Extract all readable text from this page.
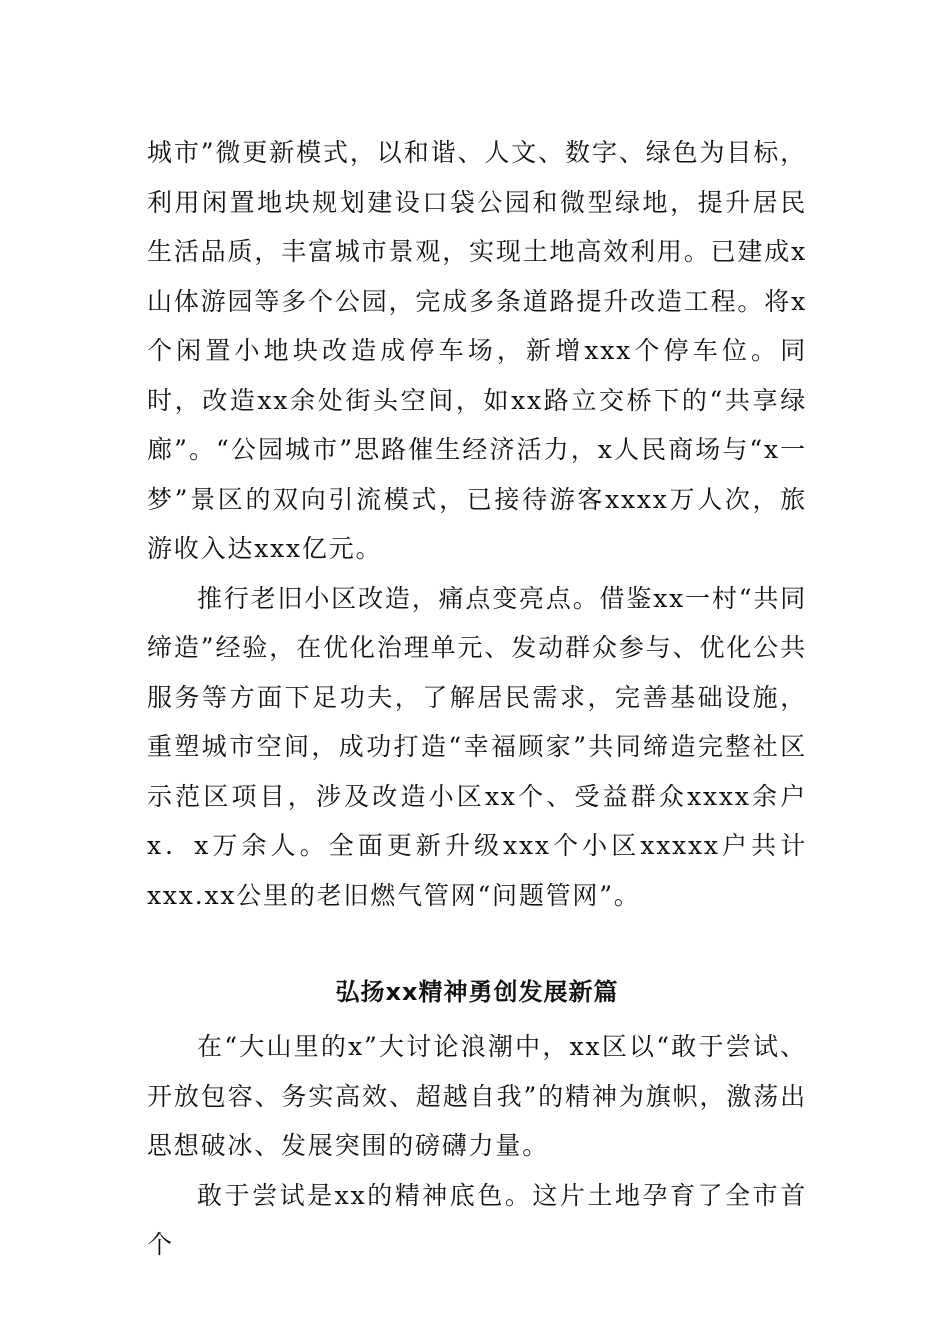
城市”微更新模式，以和谐、人文、数字、绿色为目标，利用闲置地块规划建设口袋公园和微型绿地，提升居民生活品质，丰富城市景观，实现土地高效利用。已建成x山体游园等多个公园，完成多条道路提升改造工程。将x个闲置小地块改造成停车场，新增xxx个停车位。同时，改造xx余处街头空间，如xx路立交桥下的“共享绿廊”。“公园城市”思路催生经济活力，x人民商场与“x一梦”景区的双向引流模式，已接待游客xxxx万人次，旅游收入达xxx亿元。

推行老旧小区改造，痛点变亮点。借鉴xx一村“共同缔造”经验，在优化治理单元、发动群众参与、优化公共服务等方面下足功夫，了解居民需求，完善基础设施，重塑城市空间，成功打造“幸福顾家”共同缔造完整社区示范区项目，涉及改造小区xx个、受益群众xxxx余户x．x万余人。全面更新升级xxx个小区xxxxx户共计xxx.xx公里的老旧燃气管网“问题管网”。

弘扬xx精神勇创发展新篇

在“大山里的x”大讨论浪潮中，xx区以“敢于尝试、开放包容、务实高效、超越自我”的精神为旗帜，激荡出思想破冰、发展突围的磅礴力量。

敢于尝试是xx的精神底色。这片土地孕育了全市首个
